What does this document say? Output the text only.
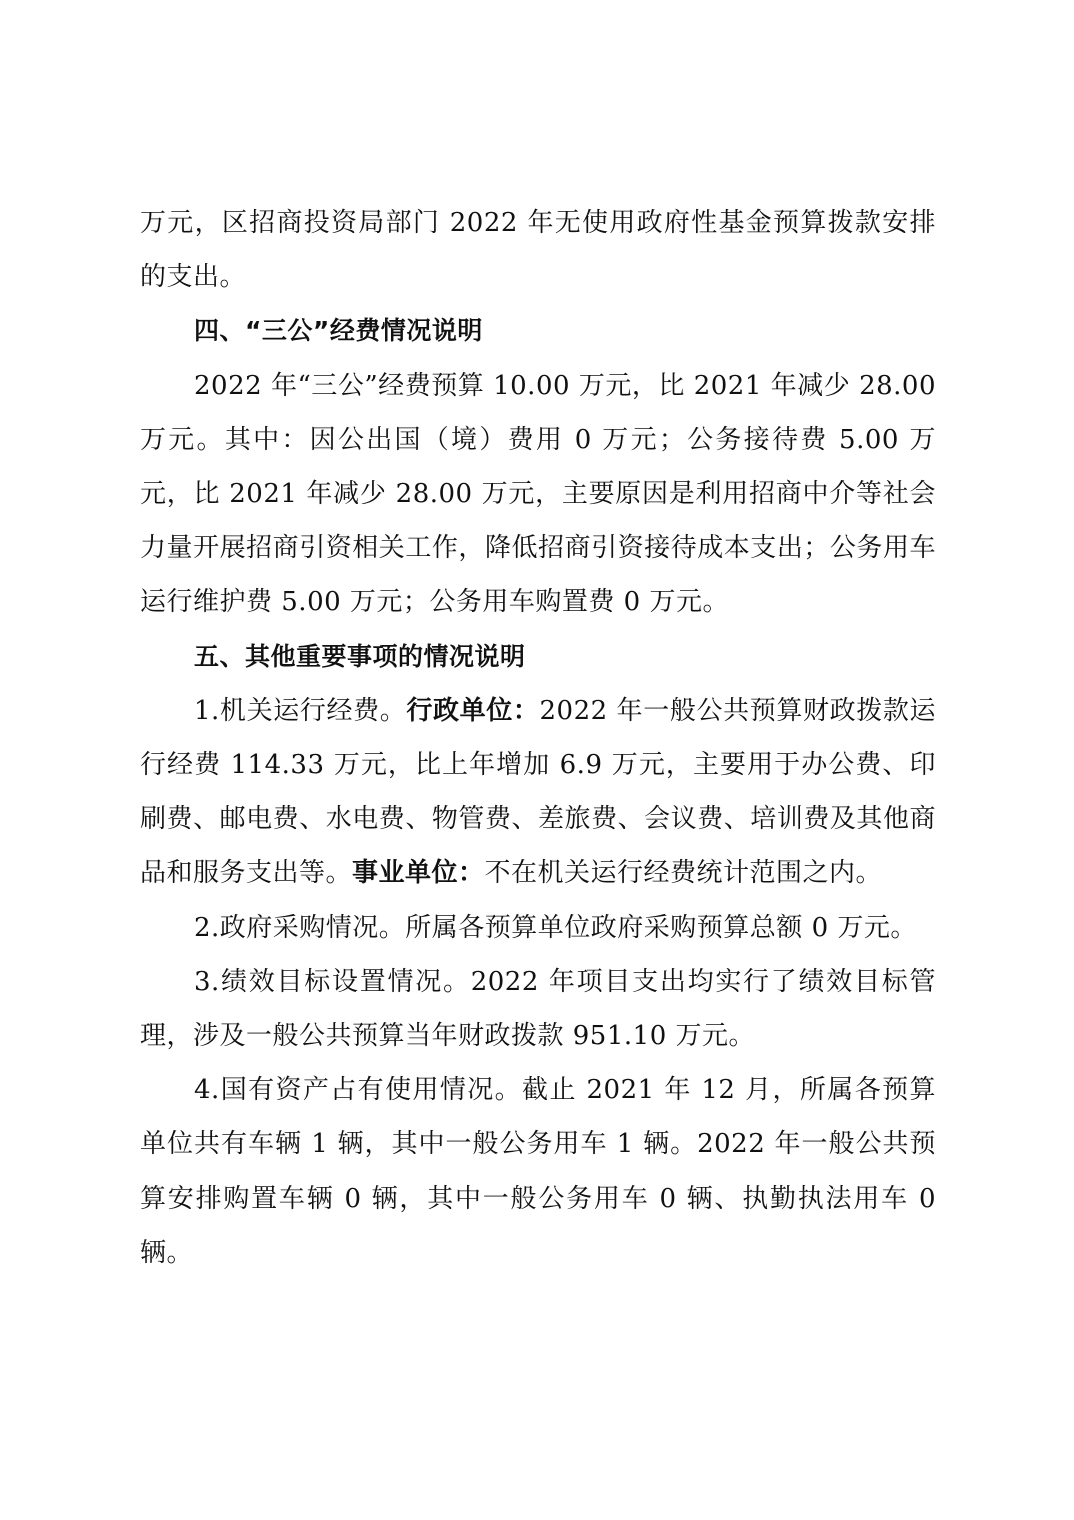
万元，区招商投资局部门 2022 年无使用政府性基金预算拨款安排的支出。

四、“三公”经费情况说明

2022 年“三公”经费预算 10.00 万元，比 2021 年减少 28.00 万元。其中：因公出国（境）费用 0 万元；公务接待费 5.00 万元，比 2021 年减少 28.00 万元，主要原因是利用招商中介等社会力量开展招商引资相关工作，降低招商引资接待成本支出；公务用车运行维护费 5.00 万元；公务用车购置费 0 万元。

五、其他重要事项的情况说明

1.机关运行经费。行政单位：2022 年一般公共预算财政拨款运行经费 114.33 万元，比上年增加 6.9 万元，主要用于办公费、印刷费、邮电费、水电费、物管费、差旅费、会议费、培训费及其他商品和服务支出等。事业单位：不在机关运行经费统计范围之内。

2.政府采购情况。所属各预算单位政府采购预算总额 0 万元。

3.绩效目标设置情况。2022 年项目支出均实行了绩效目标管理，涉及一般公共预算当年财政拨款 951.10 万元。

4.国有资产占有使用情况。截止 2021 年 12 月，所属各预算单位共有车辆 1 辆，其中一般公务用车 1 辆。2022 年一般公共预算安排购置车辆 0 辆，其中一般公务用车 0 辆、执勤执法用车 0 辆。
